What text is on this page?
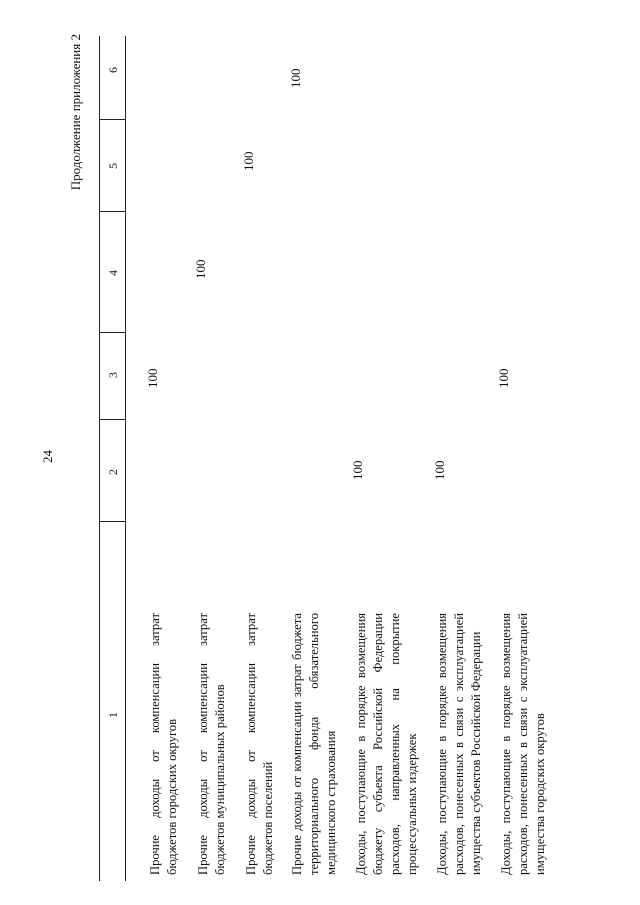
24
Продолжение приложения 2
1
2
3
4
5
6
Прочие доходы от компенсации затрат бюджетов городских округов
100
Прочие доходы от компенсации затрат бюджетов муниципальных районов
100
Прочие доходы от компенсации затрат бюджетов поселений
100
Прочие доходы от компенсации затрат бюджета территориального фонда обязательного медицинского страхования
100
Доходы, поступающие в порядке возмещения бюджету субъекта Российской Федерации расходов, направленных на покрытие процессуальных издержек
100
Доходы, поступающие в порядке возмещения расходов, понесенных в связи с эксплуатацией имущества субъектов Российской Федерации
100
Доходы, поступающие в порядке возмещения расходов, понесенных в связи с эксплуатацией имущества городских округов
100
